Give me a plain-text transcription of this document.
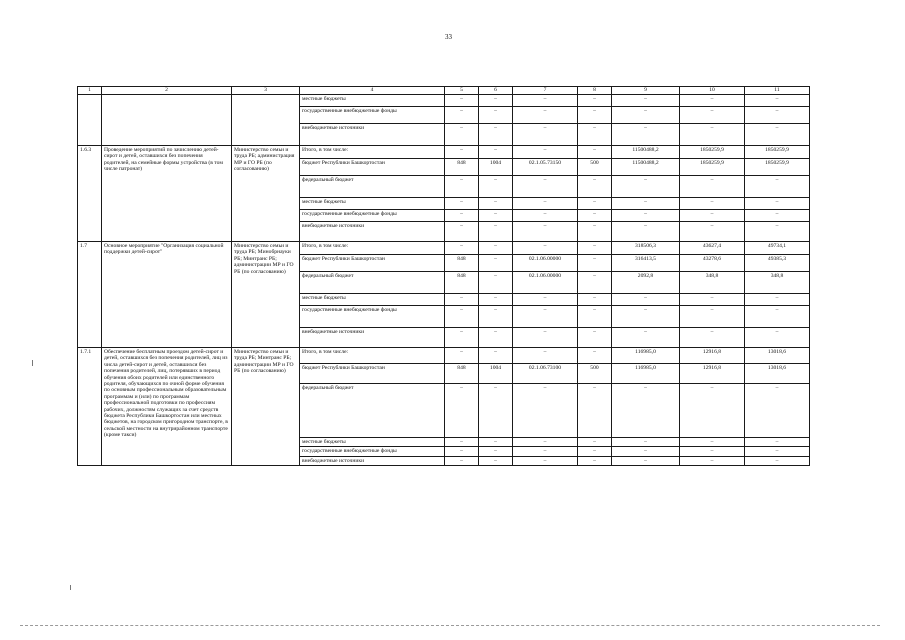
33
1	2	3	4	5	6	7	8	9	10	11
			местные бюджеты	–	–	–	–	–	–	–
			государственные внебюджетные фонды	–	–	–	–	–	–	–
			внебюджетные источники	–	–	–	–	–	–	–
1.6.3	Проведение мероприятий по зачислению детей-сирот и детей, оставшихся без попечения родителей, на семейные формы устройства (в том числе патронат)	Министерство семьи и труда РБ; администрация МР и ГО РБ (по согласованию)	Итого, в том числе:	–	–	–	–	11500488,2	1850259,9	1850259,9
			бюджет Республики Башкортостан	848	1004	02.1.05.73150	500	11500488,2	1850259,9	1850259,9
			федеральный бюджет	–	–	–	–	–	–	–
			местные бюджеты	–	–	–	–	–	–	–
			государственные внебюджетные фонды	–	–	–	–	–	–	–
			внебюджетные источники	–	–	–	–	–	–	–
1.7	Основное мероприятие "Организация социальной поддержки детей-сирот"	Министерство семьи и труда РБ; Минобрнауки РБ; Минтранс РБ; администрации МР и ГО РБ (по согласованию)	Итого, в том числе:	–	–	–	–	318506,3	43627,4	49734,1
			бюджет Республики Башкортостан	848	–	02.1.06.00000	–	316413,5	43278,6	49385,3
			федеральный бюджет	848	–	02.1.06.00000	–	2092,8	348,8	348,8
			местные бюджеты	–	–	–	–	–	–	–
			государственные внебюджетные фонды	–	–	–	–	–	–	–
			внебюджетные источники	–	–	–	–	–	–	–
1.7.1	Обеспечение бесплатным проездом детей-сирот и детей, оставшихся без попечения родителей, лиц из числа детей-сирот и детей, оставшихся без попечения родителей, лиц, потерявших в период обучения обоих родителей или единственного родителя, обучающихся по очной форме обучения по основным профессиональным образовательным программам и (или) по программам профессиональной подготовки по профессиям рабочих, должностям служащих за счет средств бюджета Республики Башкортостан или местных бюджетов, на городском пригородном транспорте, в сельской местности на внутрирайонном транспорте (кроме такси)	Министерство семьи и труда РБ; Минтранс РБ; администрации МР и ГО РБ (по согласованию)	Итого, в том числе:	–	–	–	–	116985,0	12916,8	13018,6
			бюджет Республики Башкортостан	848	1004	02.1.06.73100	500	116985,0	12916,8	13018,6
			федеральный бюджет	–	–	–	–	–	–	–
			местные бюджеты	–	–	–	–	–	–	–
			государственные внебюджетные фонды	–	–	–	–	–	–	–
			внебюджетные источники	–	–	–	–	–	–	–
